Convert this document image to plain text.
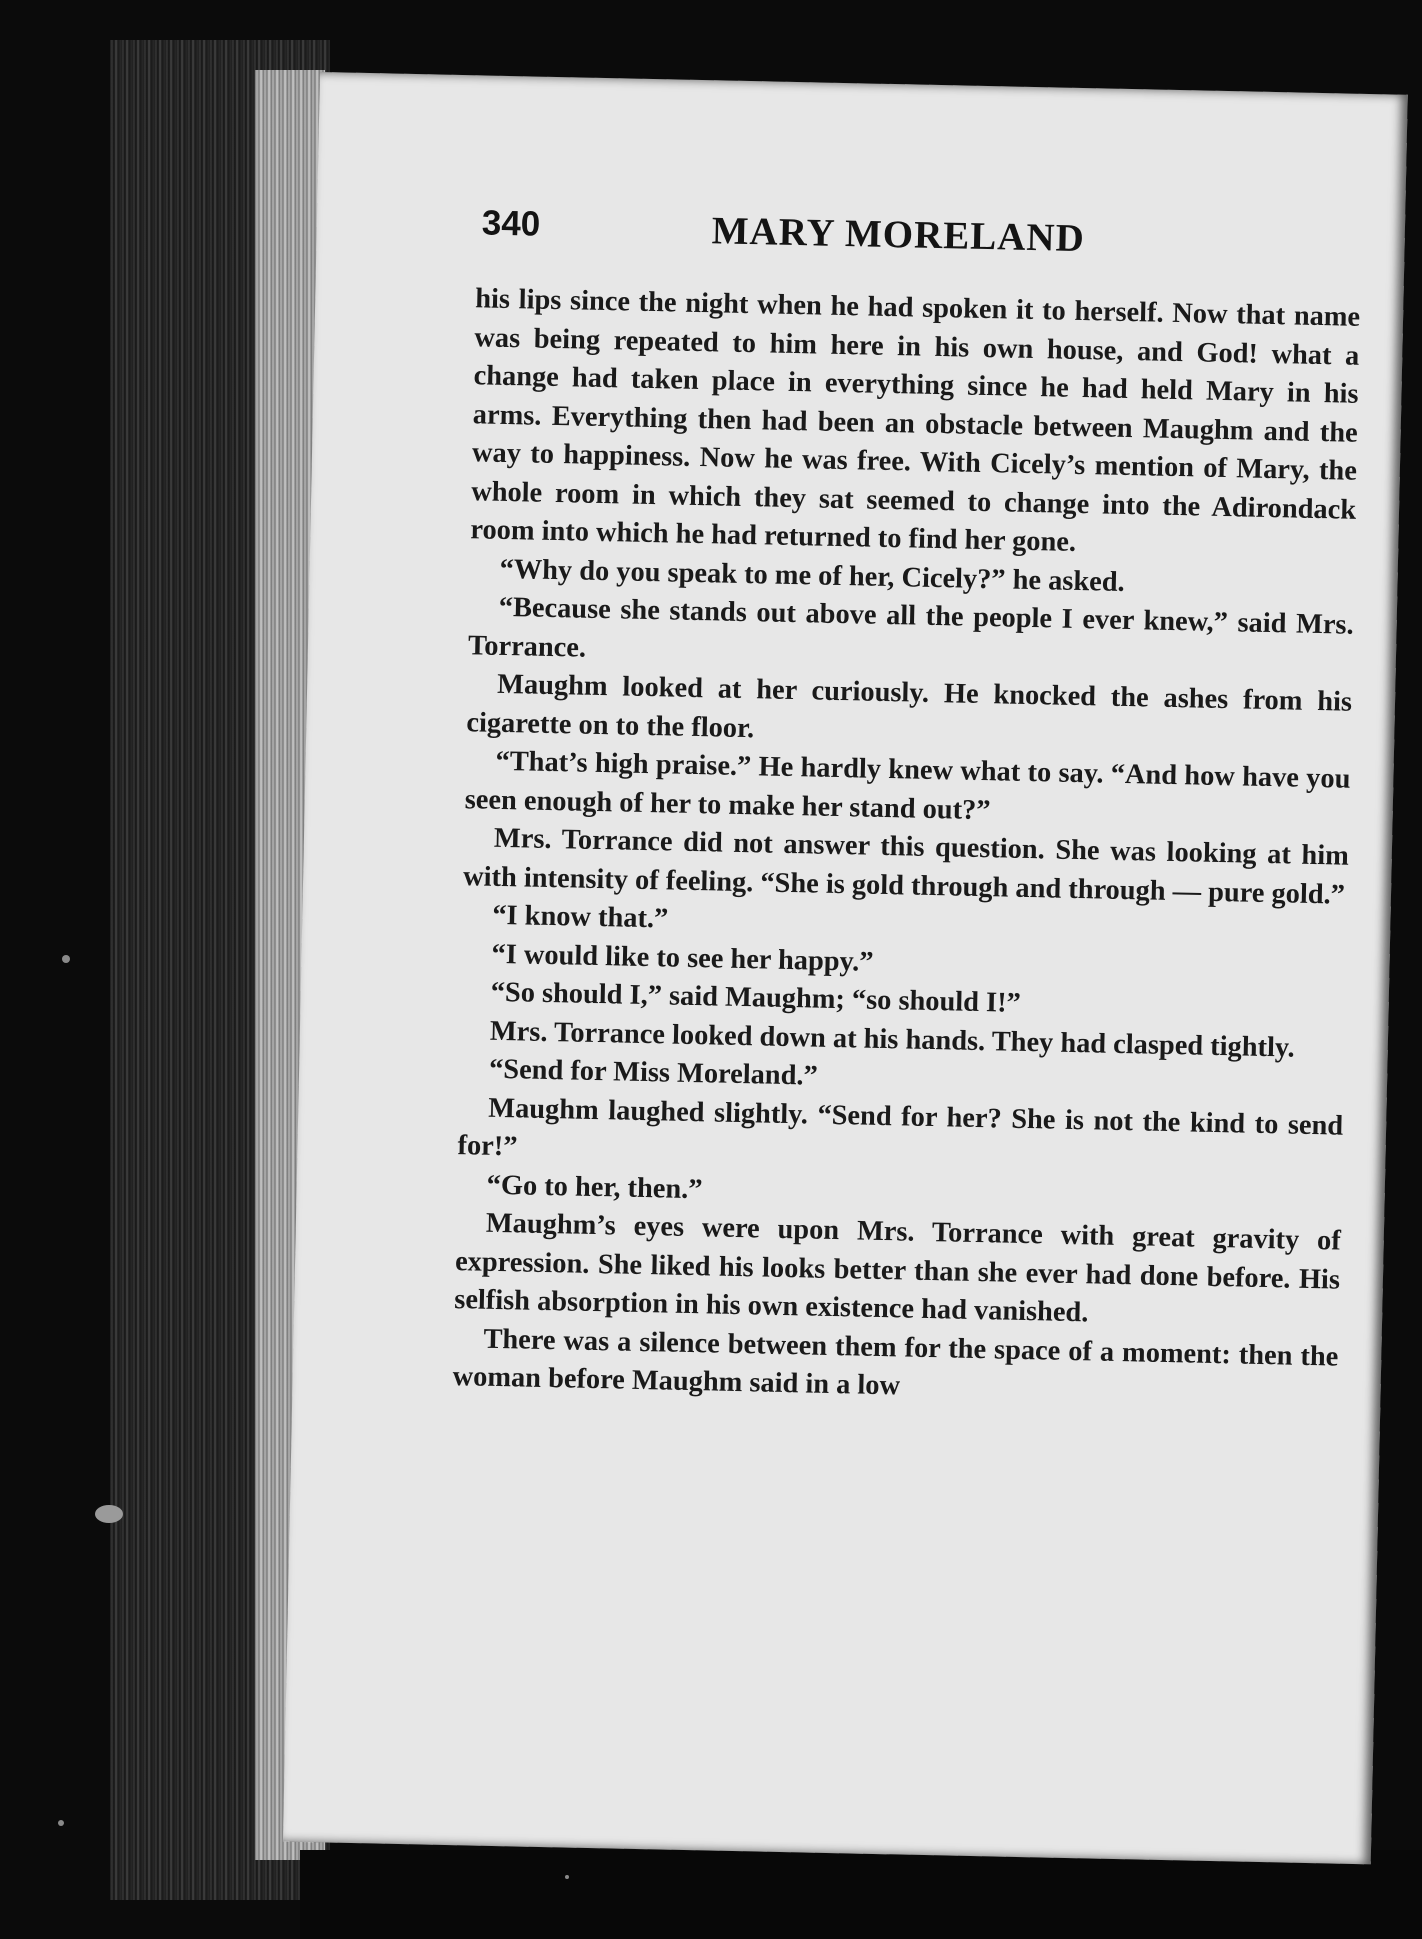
340	MARY MORELAND

his lips since the night when he had spoken it to herself. Now that name was being repeated to him here in his own house, and God! what a change had taken place in everything since he had held Mary in his arms. Everything then had been an obstacle between Maughm and the way to happiness. Now he was free. With Cicely’s mention of Mary, the whole room in which they sat seemed to change into the Adirondack room into which he had returned to find her gone.

“Why do you speak to me of her, Cicely?” he asked.

“Because she stands out above all the people I ever knew,” said Mrs. Torrance.

Maughm looked at her curiously. He knocked the ashes from his cigarette on to the floor.

“That’s high praise.” He hardly knew what to say. “And how have you seen enough of her to make her stand out?”

Mrs. Torrance did not answer this question. She was looking at him with intensity of feeling. “She is gold through and through — pure gold.”

“I know that.”

“I would like to see her happy.”

“So should I,” said Maughm; “so should I!”

Mrs. Torrance looked down at his hands. They had clasped tightly.

“Send for Miss Moreland.”

Maughm laughed slightly. “Send for her? She is not the kind to send for!”

“Go to her, then.”

Maughm’s eyes were upon Mrs. Torrance with great gravity of expression. She liked his looks better than she ever had done before. His selfish absorption in his own existence had vanished.

There was a silence between them for the space of a moment: then the woman before Maughm said in a low
